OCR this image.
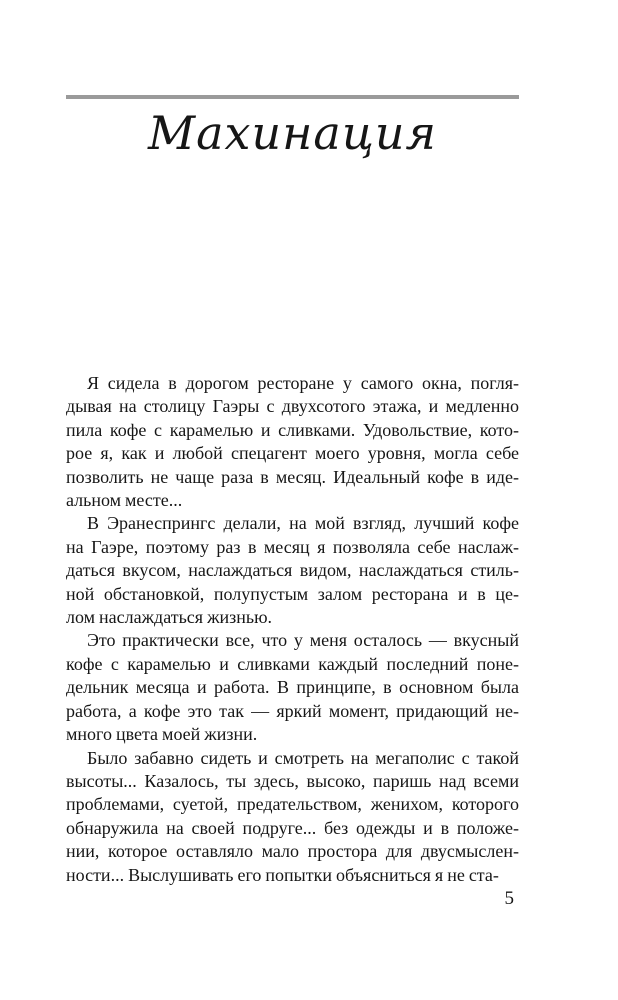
Махинация
Я сидела в дорогом ресторане у самого окна, погля-
дывая на столицу Гаэры с двухсотого этажа, и медленно
пила кофе с карамелью и сливками. Удовольствие, кото-
рое я, как и любой спецагент моего уровня, могла себе
позволить не чаще раза в месяц. Идеальный кофе в иде-
альном месте...
В Эранеспрингс делали, на мой взгляд, лучший кофе
на Гаэре, поэтому раз в месяц я позволяла себе наслаж-
даться вкусом, наслаждаться видом, наслаждаться стиль-
ной обстановкой, полупустым залом ресторана и в це-
лом наслаждаться жизнью.
Это практически все, что у меня осталось — вкусный
кофе с карамелью и сливками каждый последний поне-
дельник месяца и работа. В принципе, в основном была
работа, а кофе это так — яркий момент, придающий не-
много цвета моей жизни.
Было забавно сидеть и смотреть на мегаполис с такой
высоты... Казалось, ты здесь, высоко, паришь над всеми
проблемами, суетой, предательством, женихом, которого
обнаружила на своей подруге... без одежды и в положе-
нии, которое оставляло мало простора для двусмыслен-
ности... Выслушивать его попытки объясниться я не ста-
5
